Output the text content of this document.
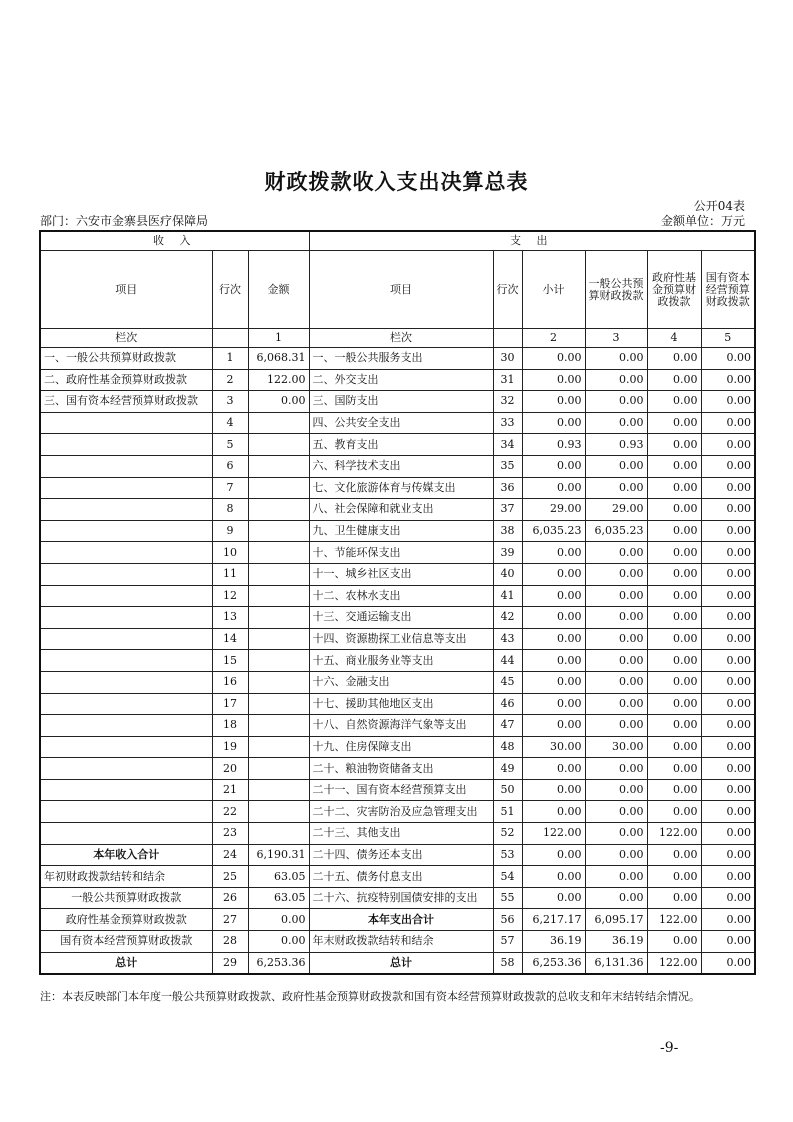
财政拨款收入支出决算总表
公开04表
部门：六安市金寨县医疗保障局	金额单位：万元
收 入			支 出					
项目	行次	金额	项目	行次	小计	一般公共预算财政拨款	政府性基金预算财政拨款	国有资本经营预算财政拨款
栏次		1	栏次		2	3	4	5
一、一般公共预算财政拨款	1	6,068.31	一、一般公共服务支出	30	0.00	0.00	0.00	0.00
二、政府性基金预算财政拨款	2	122.00	二、外交支出	31	0.00	0.00	0.00	0.00
三、国有资本经营预算财政拨款	3	0.00	三、国防支出	32	0.00	0.00	0.00	0.00
	4		四、公共安全支出	33	0.00	0.00	0.00	0.00
	5		五、教育支出	34	0.93	0.93	0.00	0.00
	6		六、科学技术支出	35	0.00	0.00	0.00	0.00
	7		七、文化旅游体育与传媒支出	36	0.00	0.00	0.00	0.00
	8		八、社会保障和就业支出	37	29.00	29.00	0.00	0.00
	9		九、卫生健康支出	38	6,035.23	6,035.23	0.00	0.00
	10		十、节能环保支出	39	0.00	0.00	0.00	0.00
	11		十一、城乡社区支出	40	0.00	0.00	0.00	0.00
	12		十二、农林水支出	41	0.00	0.00	0.00	0.00
	13		十三、交通运输支出	42	0.00	0.00	0.00	0.00
	14		十四、资源勘探工业信息等支出	43	0.00	0.00	0.00	0.00
	15		十五、商业服务业等支出	44	0.00	0.00	0.00	0.00
	16		十六、金融支出	45	0.00	0.00	0.00	0.00
	17		十七、援助其他地区支出	46	0.00	0.00	0.00	0.00
	18		十八、自然资源海洋气象等支出	47	0.00	0.00	0.00	0.00
	19		十九、住房保障支出	48	30.00	30.00	0.00	0.00
	20		二十、粮油物资储备支出	49	0.00	0.00	0.00	0.00
	21		二十一、国有资本经营预算支出	50	0.00	0.00	0.00	0.00
	22		二十二、灾害防治及应急管理支出	51	0.00	0.00	0.00	0.00
	23		二十三、其他支出	52	122.00	0.00	122.00	0.00
本年收入合计	24	6,190.31	二十四、债务还本支出	53	0.00	0.00	0.00	0.00
年初财政拨款结转和结余	25	63.05	二十五、债务付息支出	54	0.00	0.00	0.00	0.00
一般公共预算财政拨款	26	63.05	二十六、抗疫特别国债安排的支出	55	0.00	0.00	0.00	0.00
政府性基金预算财政拨款	27	0.00	本年支出合计	56	6,217.17	6,095.17	122.00	0.00
国有资本经营预算财政拨款	28	0.00	年末财政拨款结转和结余	57	36.19	36.19	0.00	0.00
总计	29	6,253.36	总计	58	6,253.36	6,131.36	122.00	0.00
注：本表反映部门本年度一般公共预算财政拨款、政府性基金预算财政拨款和国有资本经营预算财政拨款的总收支和年末结转结余情况。
-9-
